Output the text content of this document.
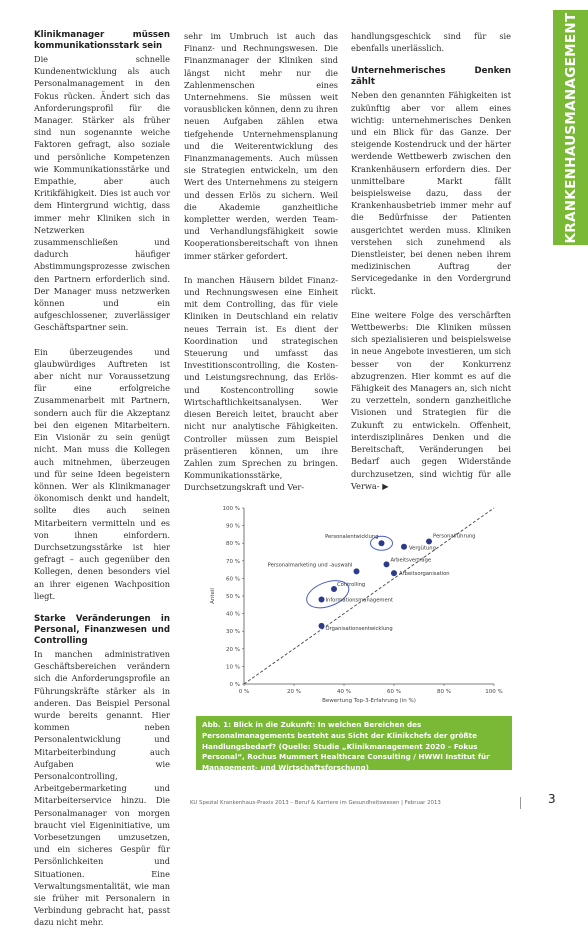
KRANKENHAUSMANAGEMENT
Klinikmanager müssen kommunikationsstark sein

Die schnelle Kundenentwicklung als auch Personalmanagement in den Fokus rücken. Ändert sich das Anforderungsprofil für die Manager. Stärker als früher sind nun sogenannte weiche Faktoren gefragt, also soziale und persönliche Kompetenzen wie Kommunikationsstärke und Empathie, aber auch Kritikfähigkeit. Dies ist auch vor dem Hintergrund wichtig, dass immer mehr Kliniken sich in Netzwerken zusammenschließen und dadurch häufiger Abstimmungsprozesse zwischen den Partnern erforderlich sind. Der Manager muss netzwerken können und ein aufgeschlossener, zuverlässiger Geschäftspartner sein.

Ein überzeugendes und glaubwürdiges Auftreten ist aber nicht nur Voraussetzung für eine erfolgreiche Zusammenarbeit mit Partnern, sondern auch für die Akzeptanz bei den eigenen Mitarbeitern. Ein Visionär zu sein genügt nicht. Man muss die Kollegen auch mitnehmen, überzeugen und für seine Ideen begeistern können. Wer als Klinikmanager ökonomisch denkt und handelt, sollte dies auch seinen Mitarbeitern vermitteln und es von ihnen einfordern. Durchsetzungsstärke ist hier gefragt – auch gegenüber den Kollegen, denen besonders viel an ihrer eigenen Wachposition liegt.

Starke Veränderungen in Personal, Finanzwesen und Controlling

In manchen administrativen Geschäftsbereichen verändern sich die Anforderungsprofile an Führungskräfte stärker als in anderen. Das Beispiel Personal wurde bereits genannt. Hier kommen neben Personalentwicklung und Mitarbeiterbindung auch Aufgaben wie Personalcontrolling, Arbeitgebermarketing und Mitarbeiterservice hinzu. Die Personalmanager von morgen braucht viel Eigeninitiative, um Vorbesetzungen umzusetzen, und ein sicheres Gespür für Persönlichkeiten und Situationen. Eine Verwaltungsmentalität, wie man sie früher mit Personalern in Verbindung gebracht hat, passt dazu nicht mehr.

sehr im Umbruch ist auch das Finanz- und Rechnungswesen. Die Finanzmanager der Kliniken sind längst nicht mehr nur die Zahlenmenschen eines Unternehmens. Sie müssen weit vorausblicken können, denn zu ihren neuen Aufgaben zählen etwa tiefgehende Unternehmensplanung und die Weiterentwicklung des Finanzmanagements. Auch müssen sie Strategien entwickeln, um den Wert des Unternehmens zu steigern und dessen Erlös zu sichern. Weil die Akademie ganzheitliche kompletter werden, werden Team- und Verhandlungsfähigkeit sowie Kooperationsbereitschaft von ihnen immer stärker gefordert.

In manchen Häusern bildet Finanz- und Rechnungswesen eine Einheit mit dem Controlling, das für viele Kliniken in Deutschland ein relativ neues Terrain ist. Es dient der Koordination und strategischen Steuerung und umfasst das Investitionscontrolling, die Kosten- und Leistungsrechnung, das Erlös- und Kostencontrolling sowie Wirtschaftlichkeitsanalysen. Wer diesen Bereich leitet, braucht aber nicht nur analytische Fähigkeiten. Controller müssen zum Beispiel präsentieren können, um ihre Zahlen zum Sprechen zu bringen. Kommunikationsstärke, Durchsetzungskraft und Ver-

handlungsgeschick sind für sie ebenfalls unerlässlich.

Unternehmerisches Denken zählt

Neben den genannten Fähigkeiten ist zukünftig aber vor allem eines wichtig: unternehmerisches Denken und ein Blick für das Ganze. Der steigende Kostendruck und der härter werdende Wettbewerb zwischen den Krankenhäusern erfordern dies. Der unmittelbare Markt fällt beispielsweise dazu, dass der Krankenhausbetrieb immer mehr auf die Bedürfnisse der Patienten ausgerichtet werden muss. Kliniken verstehen sich zunehmend als Dienstleister, bei denen neben ihrem medizinischen Auftrag der Servicegedanke in den Vordergrund rückt.

Eine weitere Folge des verschärften Wettbewerbs: Die Kliniken müssen sich spezialisieren und beispielsweise in neue Angebote investieren, um sich besser von der Konkurrenz abzugrenzen. Hier kommt es auf die Fähigkeit des Managers an, sich nicht zu verzetteln, sondern ganzheitliche Visionen und Strategien für die Zukunft zu entwickeln. Offenheit, interdisziplinäres Denken und die Bereitschaft, Veränderungen bei Bedarf auch gegen Widerstände durchzusetzen, sind wichtig für alle Verwa- ▶

0 %
10 %
20 %
30 %
40 %
50 %
60 %
70 %
80 %
90 %
100 %
0 %	20 %	40 %	60 %	80 %	100 %
Bewertung Top-3-Erfahrung (in %)
Anteil
Personalentwicklung	Personalführung
Vergütung
Arbeitsverträge
Personalmarketing und -auswahl
Arbeitsorganisation
Controlling
Informationsmanagement
Organisationsentwicklung
Abb. 1: Blick in die Zukunft: In welchen Bereichen des Personalmanagements besteht aus Sicht der Klinikchefs der größte Handlungsbedarf? (Quelle: Studie „Klinikmanagement 2020 – Fokus Personal“, Rochus Mummert Healthcare Consulting / HWWI Institut für Management- und Wirtschaftsforschung)
KU Spezial Krankenhaus-Praxis 2013 – Beruf & Karriere im Gesundheitswesen | Februar 2013	3
